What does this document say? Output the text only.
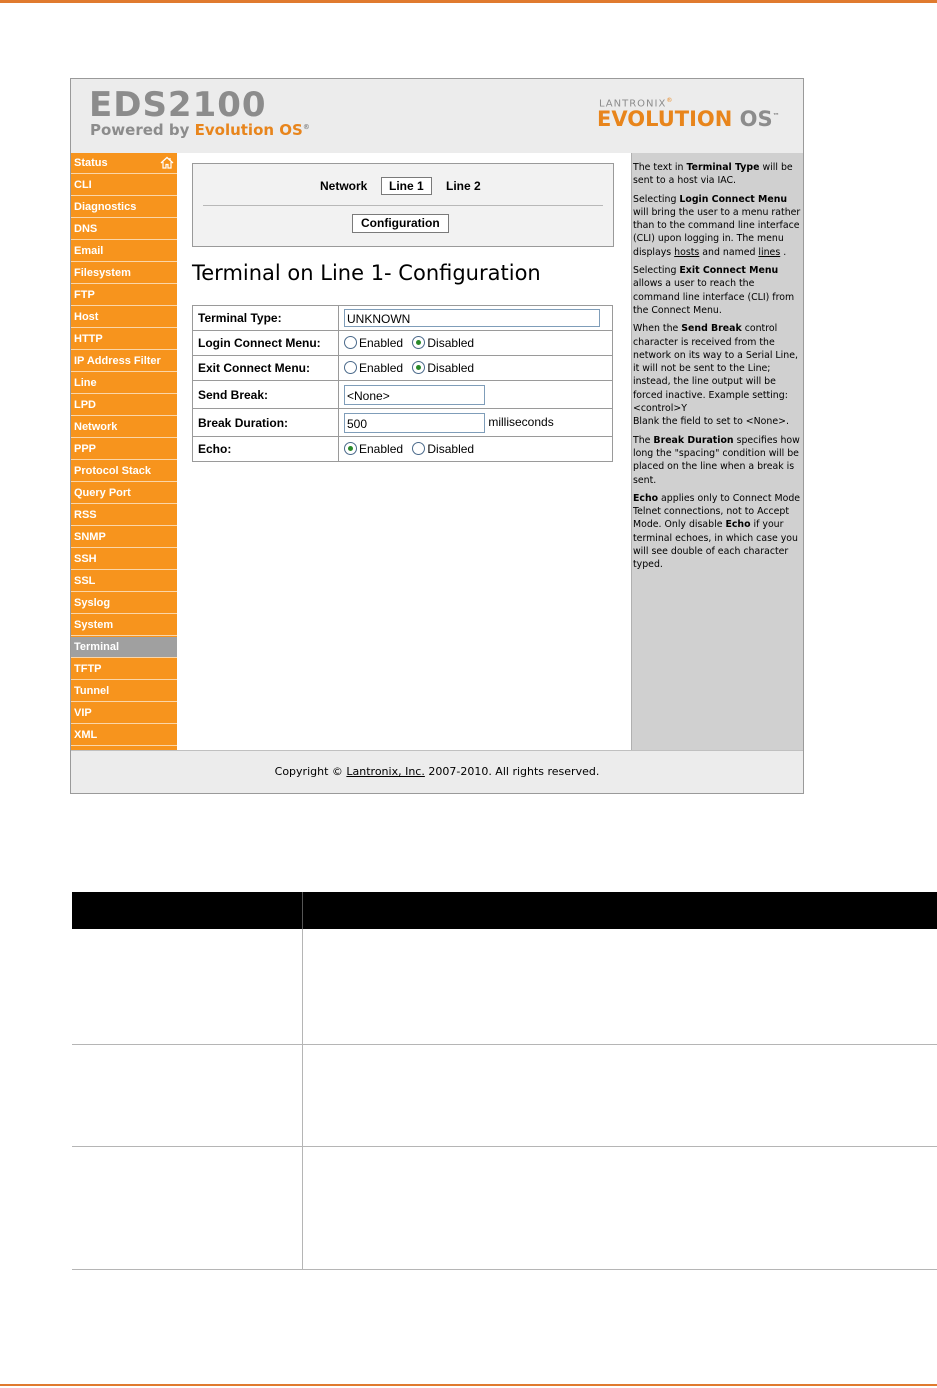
EDS2100
Powered by Evolution OS®
LANTRONIX®
EVOLUTION OS™
Status
CLI
Diagnostics
DNS
Email
Filesystem
FTP
Host
HTTP
IP Address Filter
Line
LPD
Network
PPP
Protocol Stack
Query Port
RSS
SNMP
SSH
SSL
Syslog
System
Terminal
TFTP
Tunnel
VIP
XML
Network	Line 1	Line 2
Configuration
Terminal on Line 1- Configuration
Terminal Type:	UNKNOWN
Login Connect Menu:	Enabled Disabled
Exit Connect Menu:	Enabled Disabled
Send Break:	<None>
Break Duration:	500 milliseconds
Echo:	Enabled Disabled

The text in Terminal Type will be sent to a host via IAC.

Selecting Login Connect Menu will bring the user to a menu rather than to the command line interface (CLI) upon logging in. The menu displays hosts and named lines .

Selecting Exit Connect Menu allows a user to reach the command line interface (CLI) from the Connect Menu.

When the Send Break control character is received from the network on its way to a Serial Line, it will not be sent to the Line; instead, the line output will be forced inactive. Example setting: <control>Y
Blank the field to set to <None>.

The Break Duration specifies how long the "spacing" condition will be placed on the line when a break is sent.

Echo applies only to Connect Mode Telnet connections, not to Accept Mode. Only disable Echo if your terminal echoes, in which case you will see double of each character typed.

Copyright © Lantronix, Inc. 2007-2010. All rights reserved.
